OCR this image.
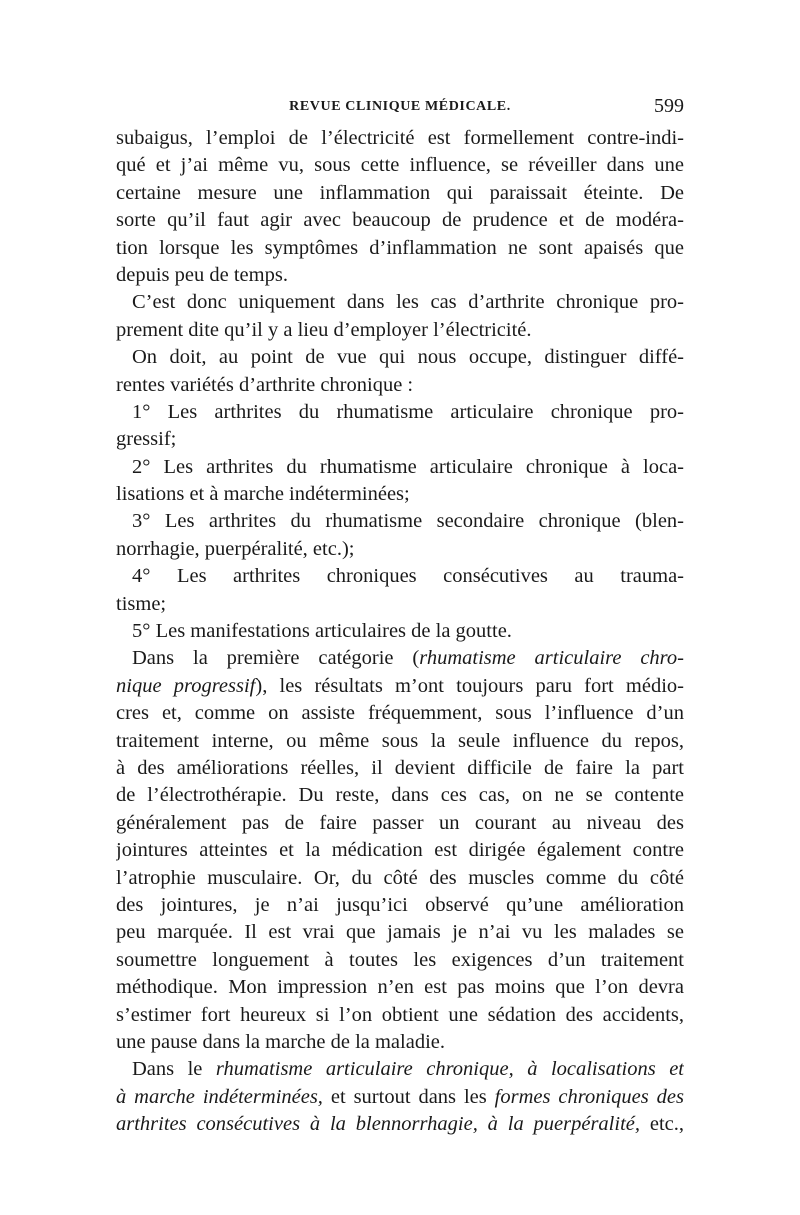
REVUE CLINIQUE MÉDICALE.	599
subaigus, l’emploi de l’électricité est formellement contre-indi-
qué et j’ai même vu, sous cette influence, se réveiller dans une
certaine mesure une inflammation qui paraissait éteinte. De
sorte qu’il faut agir avec beaucoup de prudence et de modéra-
tion lorsque les symptômes d’inflammation ne sont apaisés que
depuis peu de temps.
C’est donc uniquement dans les cas d’arthrite chronique pro-
prement dite qu’il y a lieu d’employer l’électricité.
On doit, au point de vue qui nous occupe, distinguer diffé-
rentes variétés d’arthrite chronique :
1° Les arthrites du rhumatisme articulaire chronique pro-
gressif;
2° Les arthrites du rhumatisme articulaire chronique à loca-
lisations et à marche indéterminées;
3° Les arthrites du rhumatisme secondaire chronique (blen-
norrhagie, puerpéralité, etc.);
4° Les arthrites chroniques consécutives au trauma-
tisme;
5° Les manifestations articulaires de la goutte.
Dans la première catégorie (rhumatisme articulaire chro-
nique progressif), les résultats m’ont toujours paru fort médio-
cres et, comme on assiste fréquemment, sous l’influence d’un
traitement interne, ou même sous la seule influence du repos,
à des améliorations réelles, il devient difficile de faire la part
de l’électrothérapie. Du reste, dans ces cas, on ne se contente
généralement pas de faire passer un courant au niveau des
jointures atteintes et la médication est dirigée également contre
l’atrophie musculaire. Or, du côté des muscles comme du côté
des jointures, je n’ai jusqu’ici observé qu’une amélioration
peu marquée. Il est vrai que jamais je n’ai vu les malades se
soumettre longuement à toutes les exigences d’un traitement
méthodique. Mon impression n’en est pas moins que l’on devra
s’estimer fort heureux si l’on obtient une sédation des accidents,
une pause dans la marche de la maladie.
Dans le rhumatisme articulaire chronique, à localisations et
à marche indéterminées, et surtout dans les formes chroniques des
arthrites consécutives à la blennorrhagie, à la puerpéralité, etc.,
